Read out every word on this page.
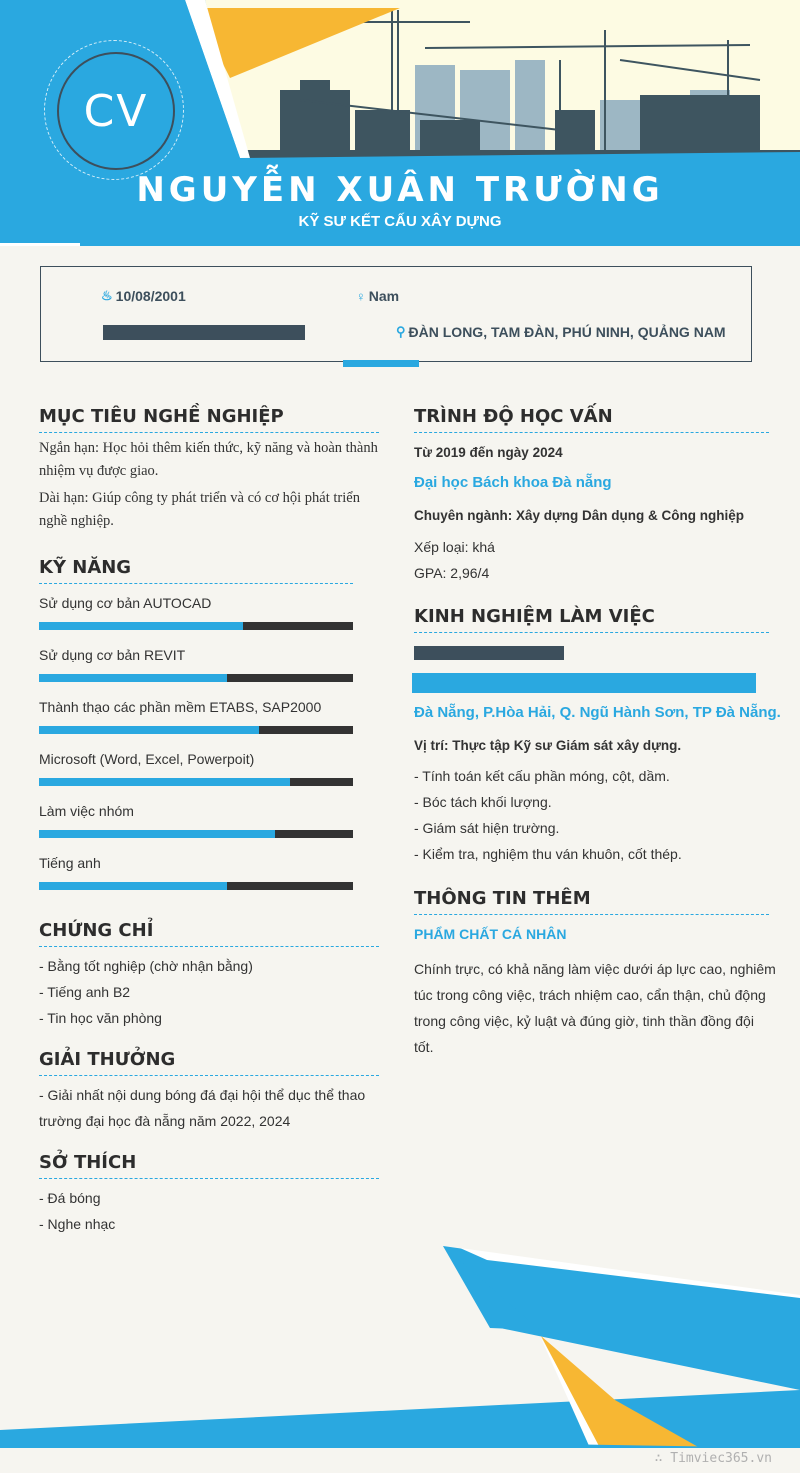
CV
NGUYỄN XUÂN TRƯỜNG
KỸ SƯ KẾT CẤU XÂY DỰNG
♨ 10/08/2001	♀ Nam
⚲ ĐÀN LONG, TAM ĐÀN, PHÚ NINH, QUẢNG NAM
MỤC TIÊU NGHỀ NGHIỆP
Ngắn hạn: Học hỏi thêm kiến thức, kỹ năng và hoàn thành nhiệm vụ được giao.
Dài hạn: Giúp công ty phát triển và có cơ hội phát triển nghề nghiệp.
KỸ NĂNG
Sử dụng cơ bản AUTOCAD
Sử dụng cơ bản REVIT
Thành thạo các phần mềm ETABS, SAP2000
Microsoft (Word, Excel, Powerpoit)
Làm việc nhóm
Tiếng anh
CHỨNG CHỈ
- Bằng tốt nghiệp (chờ nhận bằng)
- Tiếng anh B2
- Tin học văn phòng
GIẢI THƯỞNG
- Giải nhất nội dung bóng đá đại hội thể dục thể thao
trường đại học đà nẵng năm 2022, 2024
SỞ THÍCH
- Đá bóng
- Nghe nhạc
TRÌNH ĐỘ HỌC VẤN
Từ 2019 đến ngày 2024
Đại học Bách khoa Đà nẵng
Chuyên ngành: Xây dựng Dân dụng & Công nghiệp
Xếp loại: khá
GPA: 2,96/4
KINH NGHIỆM LÀM VIỆC
Đà Nẵng, P.Hòa Hải, Q. Ngũ Hành Sơn, TP Đà Nẵng.
Vị trí: Thực tập Kỹ sư Giám sát xây dựng.
- Tính toán kết cấu phần móng, cột, dầm.
- Bóc tách khối lượng.
- Giám sát hiện trường.
- Kiểm tra, nghiệm thu ván khuôn, cốt thép.
THÔNG TIN THÊM
PHẨM CHẤT CÁ NHÂN
Chính trực, có khả năng làm việc dưới áp lực cao, nghiêm
túc trong công việc, trách nhiệm cao, cẩn thận, chủ động
trong công việc, kỷ luật và đúng giờ, tinh thần đồng đội
tốt.
∴ Timviec365.vn
